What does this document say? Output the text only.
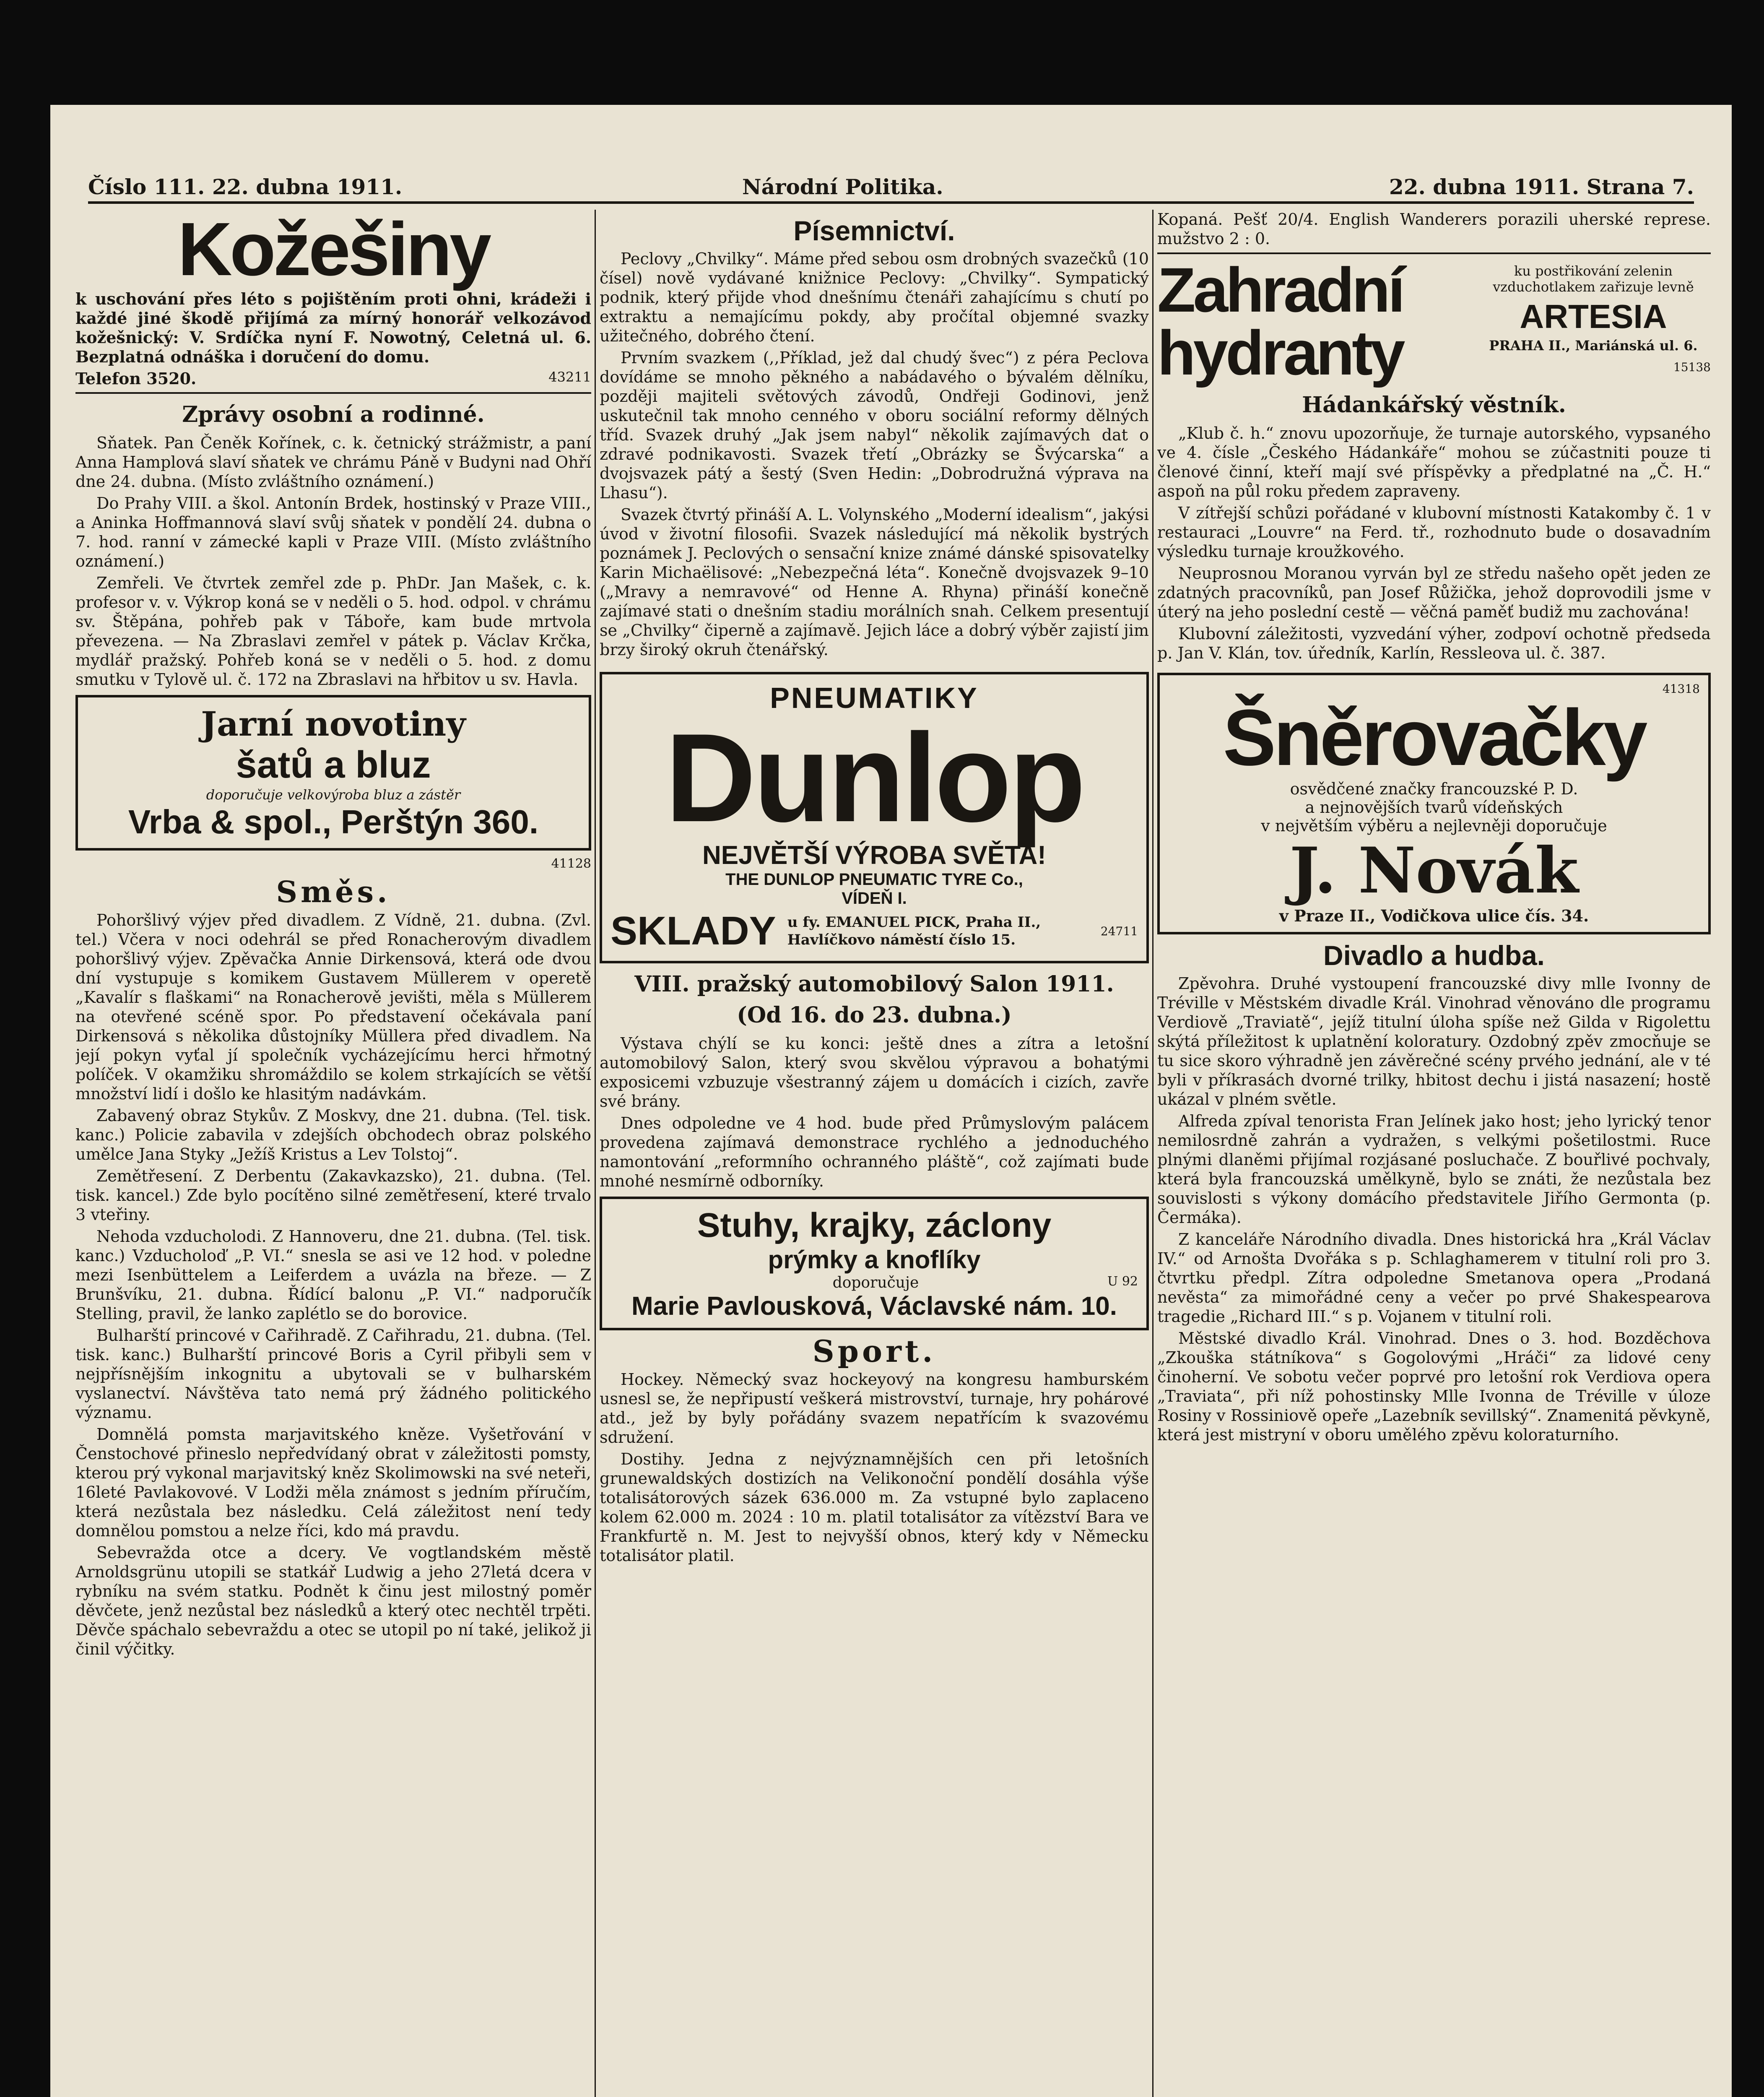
Číslo 111. 22. dubna 1911.	Národní Politika.	22. dubna 1911. Strana 7.
Kožešiny

k uschování přes léto s pojištěním proti ohni, krádeži i každé jiné škodě přijímá za mírný honorář velkozávod kožešnický: V. Srdíčka nyní F. Nowotný, Celetná ul. 6. Bezplatná odnáška i doručení do domu.

Telefon 3520.	43211
Zprávy osobní a rodinné.

Sňatek. Pan Čeněk Kořínek, c. k. četnický strážmistr, a paní Anna Hamplová slaví sňatek ve chrámu Páně v Budyni nad Ohří dne 24. dubna. (Místo zvláštního oznámení.)

Do Prahy VIII. a škol. Antonín Brdek, hostinský v Praze VIII., a Aninka Hoffmannová slaví svůj sňatek v pondělí 24. dubna o 7. hod. ranní v zámecké kapli v Praze VIII. (Místo zvláštního oznámení.)

Zemřeli. Ve čtvrtek zemřel zde p. PhDr. Jan Mašek, c. k. profesor v. v. Výkrop koná se v neděli o 5. hod. odpol. v chrámu sv. Štěpána, pohřeb pak v Táboře, kam bude mrtvola převezena. — Na Zbraslavi zemřel v pátek p. Václav Krčka, mydlář pražský. Pohřeb koná se v neděli o 5. hod. z domu smutku v Tylově ul. č. 172 na Zbraslavi na hřbitov u sv. Havla.

Jarní novotiny
šatů a bluz
doporučuje velkovýroba bluz a zástěr
Vrba & spol., Perštýn 360.
41128
Směs.

Pohoršlivý výjev před divadlem. Z Vídně, 21. dubna. (Zvl. tel.) Včera v noci odehrál se před Ronacherovým divadlem pohoršlivý výjev. Zpěvačka Annie Dirkensová, která ode dvou dní vystupuje s komikem Gustavem Müllerem v operetě „Kavalír s flaškami“ na Ronacherově jevišti, měla s Müllerem na otevřené scéně spor. Po představení očekávala paní Dirkensová s několika důstojníky Müllera před divadlem. Na její pokyn vyťal jí společník vycházejícímu herci hřmotný políček. V okamžiku shromáždilo se kolem strkajících se větší množství lidí i došlo ke hlasitým nadávkám.

Zabavený obraz Stykův. Z Moskvy, dne 21. dubna. (Tel. tisk. kanc.) Policie zabavila v zdejších obchodech obraz polského umělce Jana Styky „Ježíš Kristus a Lev Tolstoj“.

Zemětřesení. Z Derbentu (Zakavkazsko), 21. dubna. (Tel. tisk. kancel.) Zde bylo pocítěno silné zemětřesení, které trvalo 3 vteřiny.

Nehoda vzducholodi. Z Hannoveru, dne 21. dubna. (Tel. tisk. kanc.) Vzducholoď „P. VI.“ snesla se asi ve 12 hod. v poledne mezi Isenbüttelem a Leiferdem a uvázla na březe. — Z Brunšvíku, 21. dubna. Řídící balonu „P. VI.“ nadporučík Stelling, pravil, že lanko zaplétlo se do borovice.

Bulharští princové v Cařihradě. Z Cařihradu, 21. dubna. (Tel. tisk. kanc.) Bulharští princové Boris a Cyril přibyli sem v nejpřísnějším inkognitu a ubytovali se v bulharském vyslanectví. Návštěva tato nemá prý žádného politického významu.

Domnělá pomsta marjavitského kněze. Vyšetřování v Čenstochové přineslo nepředvídaný obrat v záležitosti pomsty, kterou prý vykonal marjavitský kněz Skolimowski na své neteři, 16leté Pavlakovové. V Lodži měla známost s jedním příručím, která nezůstala bez následku. Celá záležitost není tedy domnělou pomstou a nelze říci, kdo má pravdu.

Sebevražda otce a dcery. Ve vogtlandském městě Arnoldsgrünu utopili se statkář Ludwig a jeho 27letá dcera v rybníku na svém statku. Podnět k činu jest milostný poměr děvčete, jenž nezůstal bez následků a který otec nechtěl trpěti. Děvče spáchalo sebevraždu a otec se utopil po ní také, jelikož ji činil výčitky.

Písemnictví.

Peclovy „Chvilky“. Máme před sebou osm drobných svazečků (10 čísel) nově vydávané knižnice Peclovy: „Chvilky“. Sympatický podnik, který přijde vhod dnešnímu čtenáři zahajícímu s chutí po extraktu a nemajícímu pokdy, aby pročítal objemné svazky užitečného, dobrého čtení.

Prvním svazkem (,,Příklad, jež dal chudý švec“) z péra Peclova dovídáme se mnoho pěkného a nabádavého o bývalém dělníku, později majiteli světových závodů, Ondřeji Godinovi, jenž uskutečnil tak mnoho cenného v oboru sociální reformy dělných tříd. Svazek druhý „Jak jsem nabyl“ několik zajímavých dat o zdravé podnikavosti. Svazek třetí „Obrázky se Švýcarska“ a dvojsvazek pátý a šestý (Sven Hedin: „Dobrodružná výprava na Lhasu“).

Svazek čtvrtý přináší A. L. Volynského „Moderní idealism“, jakýsi úvod v životní filosofii. Svazek následující má několik bystrých poznámek J. Peclových o sensační knize známé dánské spisovatelky Karin Michaëlisové: „Nebezpečná léta“. Konečně dvojsvazek 9–10 („Mravy a nemravové“ od Henne A. Rhyna) přináší konečně zajímavé stati o dnešním stadiu morálních snah. Celkem presentují se „Chvilky“ čiperně a zajímavě. Jejich láce a dobrý výběr zajistí jim brzy široký okruh čtenářský.

PNEUMATIKY
Dunlop
NEJVĚTŠÍ VÝROBA SVĚTA!
THE DUNLOP PNEUMATIC TYRE Co.,
VÍDEŇ I.
SKLADY u fy. EMANUEL PICK, Praha II., Havlíčkovo náměstí číslo 15.
24711
VIII. pražský automobilový Salon 1911.
(Od 16. do 23. dubna.)

Výstava chýlí se ku konci: ještě dnes a zítra a letošní automobilový Salon, který svou skvělou výpravou a bohatými exposicemi vzbuzuje všestranný zájem u domácích i cizích, zavře své brány.

Dnes odpoledne ve 4 hod. bude před Průmyslovým palácem provedena zajímavá demonstrace rychlého a jednoduchého namontování „reformního ochranného pláště“, což zajímati bude mnohé nesmírně odborníky.

Stuhy, krajky, záclony
prýmky a knoflíky
doporučuje	U 92
Marie Pavlousková, Václavské nám. 10.
Sport.

Hockey. Německý svaz hockeyový na kongresu hamburském usnesl se, že nepřipustí veškerá mistrovství, turnaje, hry pohárové atd., jež by byly pořádány svazem nepatřícím k svazovému sdružení.

Dostihy. Jedna z nejvýznamnějších cen při letošních grunewaldských dostizích na Velikonoční pondělí dosáhla výše totalisátorových sázek 636.000 m. Za vstupné bylo zaplaceno kolem 62.000 m. 2024 : 10 m. platil totalisátor za vítězství Bara ve Frankfurtě n. M. Jest to nejvyšší obnos, který kdy v Německu totalisátor platil.

Kopaná. Pešť 20/4. English Wanderers porazili uherské represe. mužstvo 2 : 0.

Zahradní
hydranty

ku postřikování zelenin vzduchotlakem zařizuje levně

ARTESIA

PRAHA II., Mariánská ul. 6.

15138

Hádankářský věstník.

„Klub č. h.“ znovu upozorňuje, že turnaje autorského, vypsaného ve 4. čísle „Českého Hádankáře“ mohou se zúčastniti pouze ti členové činní, kteří mají své příspěvky a předplatné na „Č. H.“ aspoň na půl roku předem zapraveny.

V zítřejší schůzi pořádané v klubovní místnosti Katakomby č. 1 v restauraci „Louvre“ na Ferd. tř., rozhodnuto bude o dosavadním výsledku turnaje kroužkového.

Neuprosnou Moranou vyrván byl ze středu našeho opět jeden ze zdatných pracovníků, pan Josef Růžička, jehož doprovodili jsme v úterý na jeho poslední cestě — věčná paměť budiž mu zachována!

Klubovní záležitosti, vyzvedání výher, zodpoví ochotně předseda p. Jan V. Klán, tov. úředník, Karlín, Ressleova ul. č. 387.

41318
Šněrovačky
osvědčené značky francouzské P. D.
a nejnovějších tvarů vídeňských
v největším výběru a nejlevněji doporučuje
J. Novák
v Praze II., Vodičkova ulice čís. 34.
Divadlo a hudba.

Zpěvohra. Druhé vystoupení francouzské divy mlle Ivonny de Tréville v Městském divadle Král. Vinohrad věnováno dle programu Verdiově „Traviatě“, jejíž titulní úloha spíše než Gilda v Rigolettu skýtá příležitost k uplatnění koloratury. Ozdobný zpěv zmocňuje se tu sice skoro výhradně jen závěrečné scény prvého jednání, ale v té byli v příkrasách dvorné trilky, hbitost dechu i jistá nasazení; hostě ukázal v plném světle.

Alfreda zpíval tenorista Fran Jelínek jako host; jeho lyrický tenor nemilosrdně zahrán a vydražen, s velkými pošetilostmi. Ruce plnými dlaněmi přijímal rozjásané posluchače. Z bouřlivé pochvaly, která byla francouzská umělkyně, bylo se znáti, že nezůstala bez souvislosti s výkony domácího představitele Jiřího Germonta (p. Čermáka).

Z kanceláře Národního divadla. Dnes historická hra „Král Václav IV.“ od Arnošta Dvořáka s p. Schlaghamerem v titulní roli pro 3. čtvrtku předpl. Zítra odpoledne Smetanova opera „Prodaná nevěsta“ za mimořádné ceny a večer po prvé Shakespearova tragedie „Richard III.“ s p. Vojanem v titulní roli.

Městské divadlo Král. Vinohrad. Dnes o 3. hod. Bozděchova „Zkouška státníkova“ s Gogolovými „Hráči“ za lidové ceny činoherní. Ve sobotu večer poprvé pro letošní rok Verdiova opera „Traviata“, při níž pohostinsky Mlle Ivonna de Tréville v úloze Rosiny v Rossiniově opeře „Lazebník sevillský“. Znamenitá pěvkyně, která jest mistryní v oboru umělého zpěvu koloraturního.
